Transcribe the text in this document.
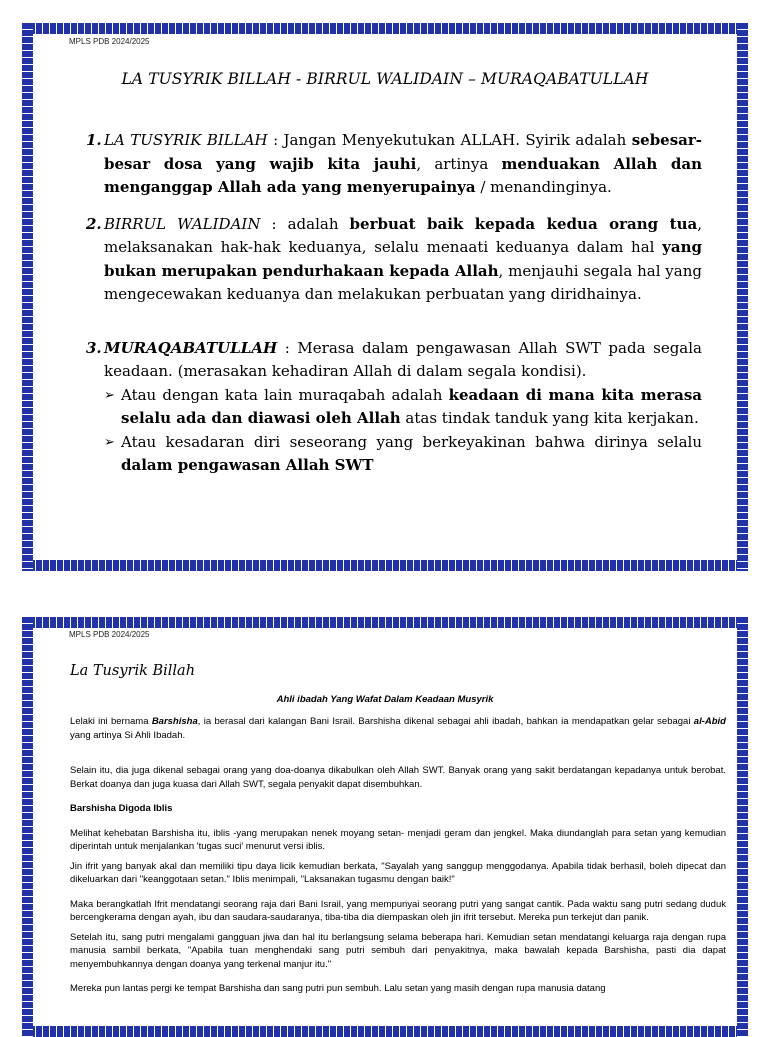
MPLS PDB 2024/2025
LA TUSYRIK BILLAH - BIRRUL WALIDAIN – MURAQABATULLAH
1. LA TUSYRIK BILLAH : Jangan Menyekutukan ALLAH. Syirik adalah sebesar-besar dosa yang wajib kita jauhi, artinya menduakan Allah dan menganggap Allah ada yang menyerupainya / menandinginya.
2. BIRRUL WALIDAIN : adalah berbuat baik kepada kedua orang tua, melaksanakan hak-hak keduanya, selalu menaati keduanya dalam hal yang bukan merupakan pendurhakaan kepada Allah, menjauhi segala hal yang mengecewakan keduanya dan melakukan perbuatan yang diridhainya.
3. MURAQABATULLAH : Merasa dalam pengawasan Allah SWT pada segala keadaan. (merasakan kehadiran Allah di dalam segala kondisi).
➢ Atau dengan kata lain muraqabah adalah keadaan di mana kita merasa selalu ada dan diawasi oleh Allah atas tindak tanduk yang kita kerjakan.
➢ Atau kesadaran diri seseorang yang berkeyakinan bahwa dirinya selalu dalam pengawasan Allah SWT
MPLS PDB 2024/2025
La Tusyrik Billah
Ahli ibadah Yang Wafat Dalam Keadaan Musyrik

Lelaki ini bernama Barshisha, ia berasal dari kalangan Bani Israil. Barshisha dikenal sebagai ahli ibadah, bahkan ia mendapatkan gelar sebagai al-Abid yang artinya Si Ahli Ibadah.

Selain itu, dia juga dikenal sebagai orang yang doa-doanya dikabulkan oleh Allah SWT. Banyak orang yang sakit berdatangan kepadanya untuk berobat. Berkat doanya dan juga kuasa dari Allah SWT, segala penyakit dapat disembuhkan.

Barshisha Digoda Iblis

Melihat kehebatan Barshisha itu, iblis -yang merupakan nenek moyang setan- menjadi geram dan jengkel. Maka diundanglah para setan yang kemudian diperintah untuk menjalankan 'tugas suci' menurut versi iblis.

Jin ifrit yang banyak akal dan memiliki tipu daya licik kemudian berkata, "Sayalah yang sanggup menggodanya. Apabila tidak berhasil, boleh dipecat dan dikeluarkan dari "keanggotaan setan." Iblis menimpali, "Laksanakan tugasmu dengan baik!"

Maka berangkatlah Ifrit mendatangi seorang raja dari Bani Israil, yang mempunyai seorang putri yang sangat cantik. Pada waktu sang putri sedang duduk bercengkerama dengan ayah, ibu dan saudara-saudaranya, tiba-tiba dia diempaskan oleh jin ifrit tersebut. Mereka pun terkejut dan panik.

Setelah itu, sang putri mengalami gangguan jiwa dan hal itu berlangsung selama beberapa hari. Kemudian setan mendatangi keluarga raja dengan rupa manusia sambil berkata, "Apabila tuan menghendaki sang putri sembuh dari penyakitnya, maka bawalah kepada Barshisha, pasti dia dapat menyembuhkannya dengan doanya yang terkenal manjur itu."

Mereka pun lantas pergi ke tempat Barshisha dan sang putri pun sembuh. Lalu setan yang masih dengan rupa manusia datang
